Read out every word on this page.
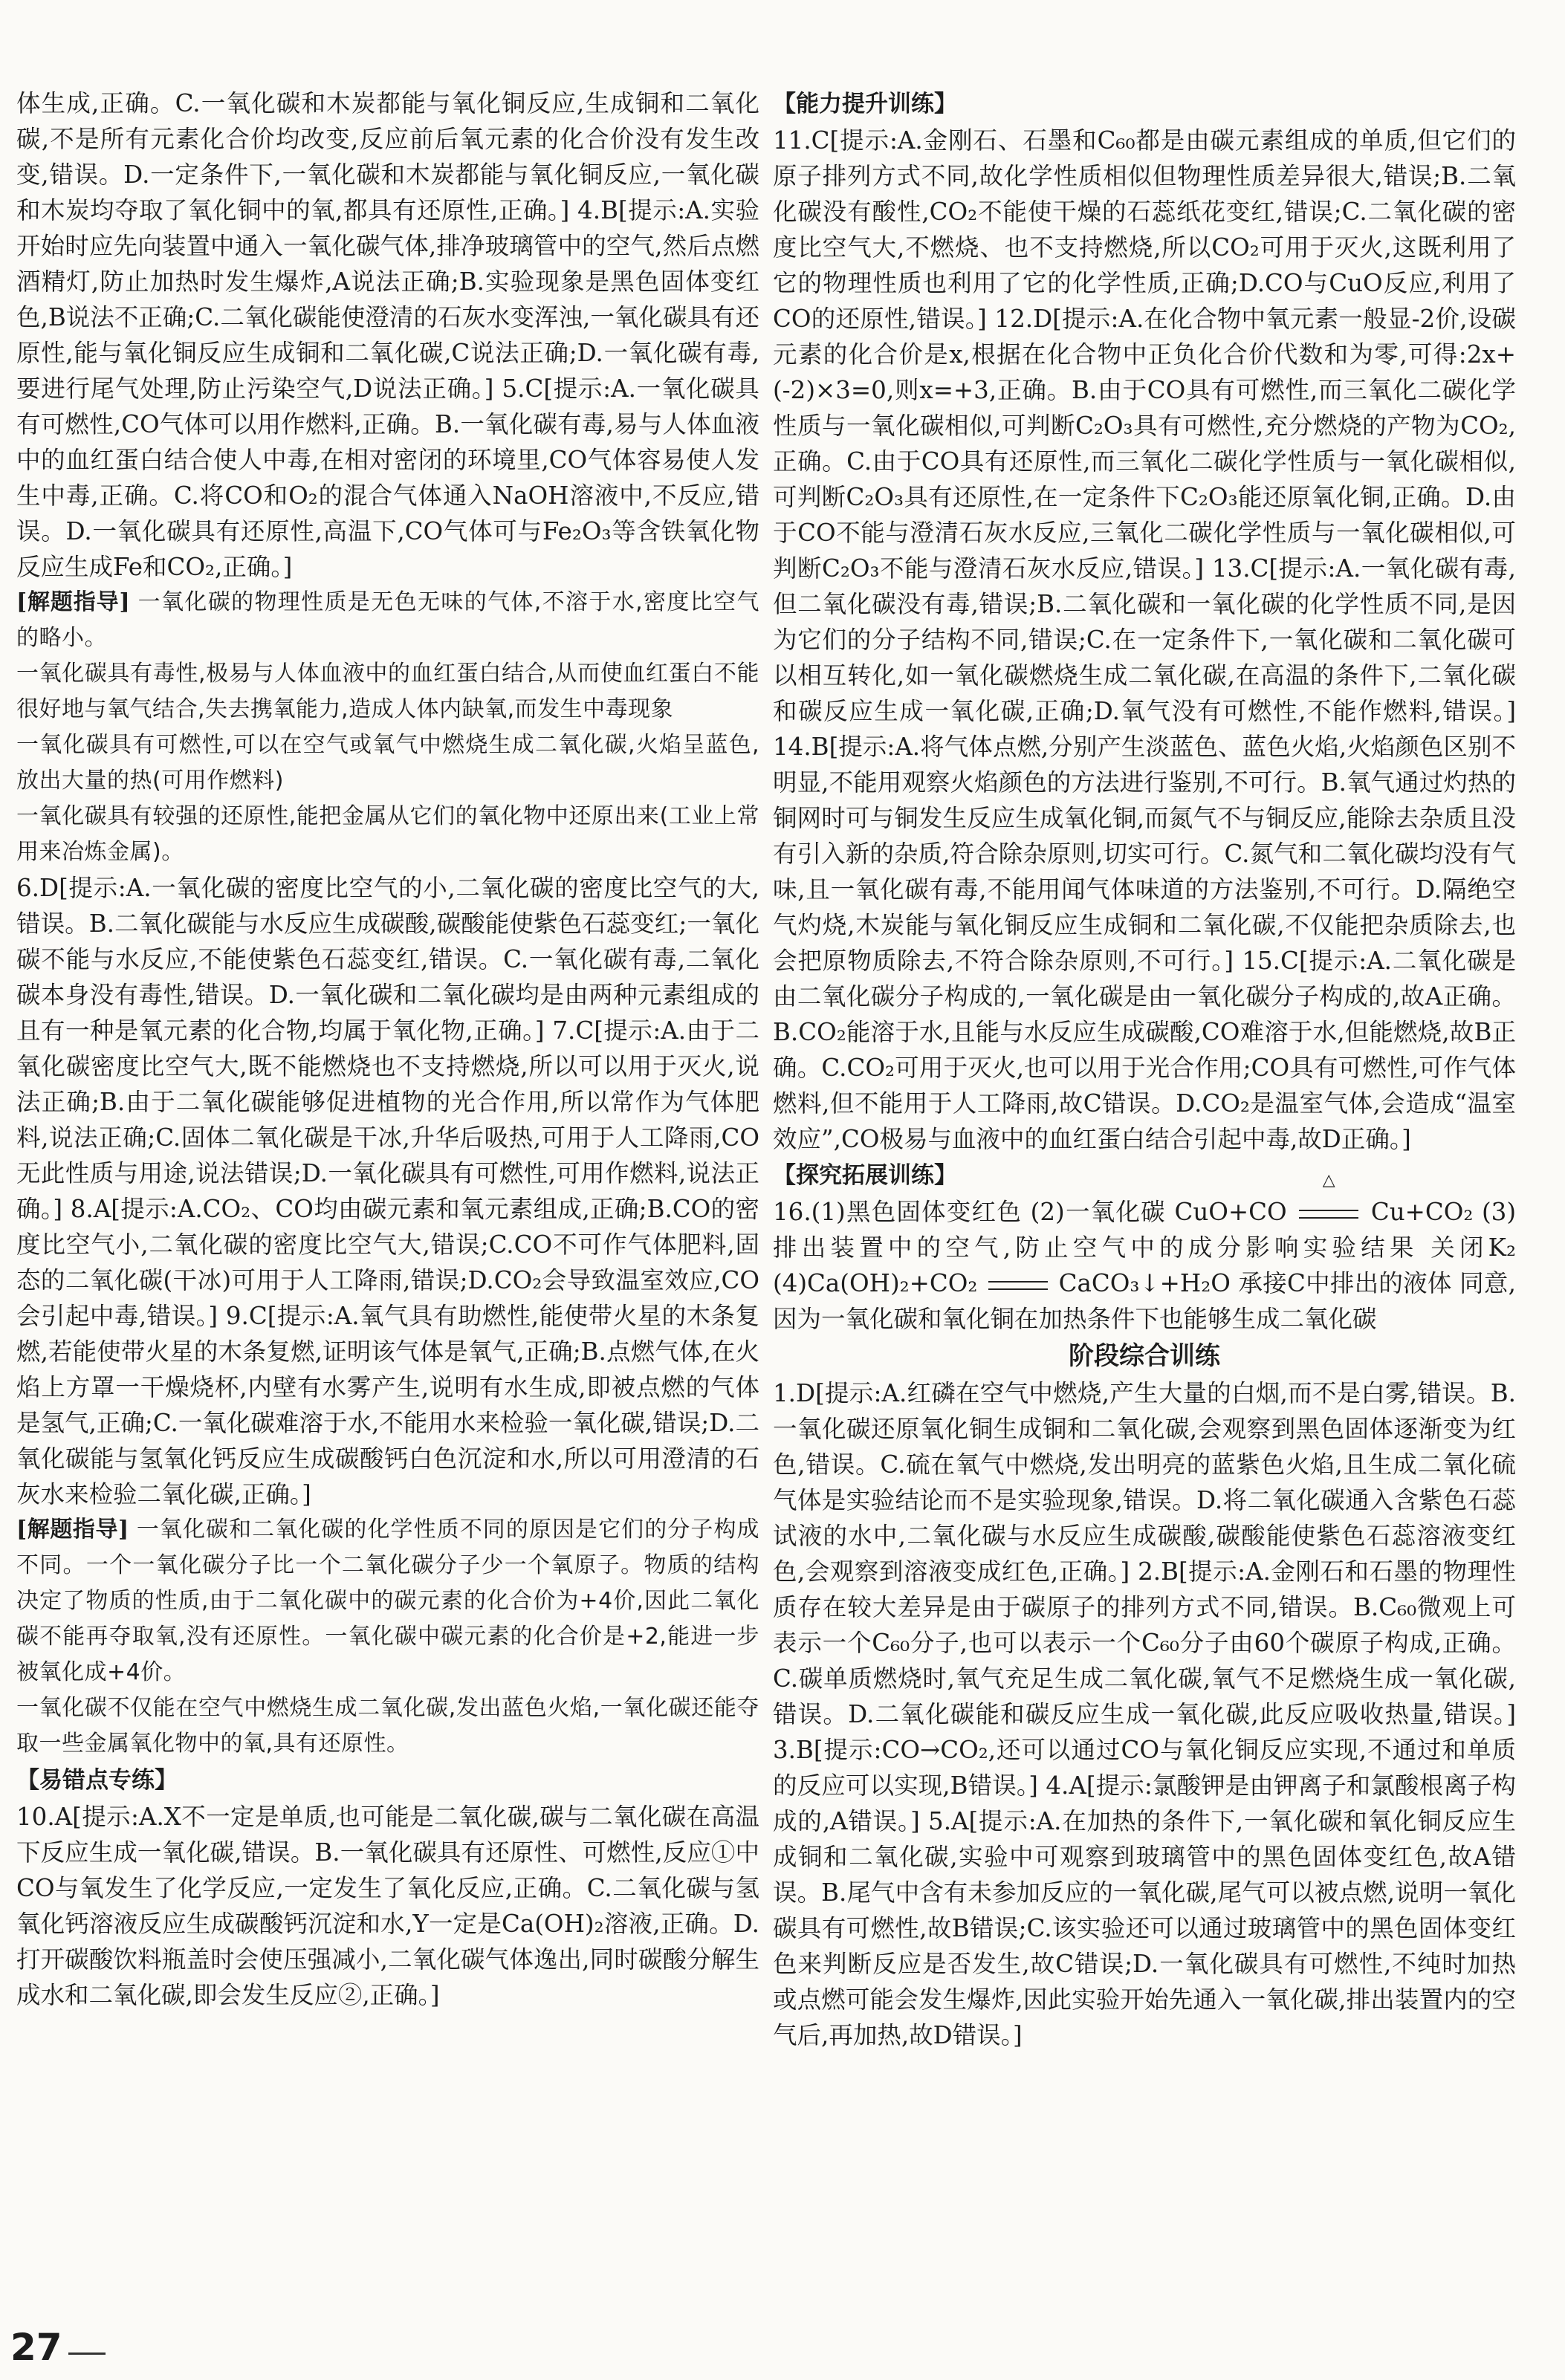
体生成,正确。C.一氧化碳和木炭都能与氧化铜反应,生成铜和二氧化碳,不是所有元素化合价均改变,反应前后氧元素的化合价没有发生改变,错误。D.一定条件下,一氧化碳和木炭都能与氧化铜反应,一氧化碳和木炭均夺取了氧化铜中的氧,都具有还原性,正确。] 4.B[提示:A.实验开始时应先向装置中通入一氧化碳气体,排净玻璃管中的空气,然后点燃酒精灯,防止加热时发生爆炸,A说法正确;B.实验现象是黑色固体变红色,B说法不正确;C.二氧化碳能使澄清的石灰水变浑浊,一氧化碳具有还原性,能与氧化铜反应生成铜和二氧化碳,C说法正确;D.一氧化碳有毒,要进行尾气处理,防止污染空气,D说法正确。] 5.C[提示:A.一氧化碳具有可燃性,CO气体可以用作燃料,正确。B.一氧化碳有毒,易与人体血液中的血红蛋白结合使人中毒,在相对密闭的环境里,CO气体容易使人发生中毒,正确。C.将CO和O₂的混合气体通入NaOH溶液中,不反应,错误。D.一氧化碳具有还原性,高温下,CO气体可与Fe₂O₃等含铁氧化物反应生成Fe和CO₂,正确。]

[解题指导] 一氧化碳的物理性质是无色无味的气体,不溶于水,密度比空气的略小。
一氧化碳具有毒性,极易与人体血液中的血红蛋白结合,从而使血红蛋白不能很好地与氧气结合,失去携氧能力,造成人体内缺氧,而发生中毒现象
一氧化碳具有可燃性,可以在空气或氧气中燃烧生成二氧化碳,火焰呈蓝色,放出大量的热(可用作燃料)
一氧化碳具有较强的还原性,能把金属从它们的氧化物中还原出来(工业上常用来冶炼金属)。

6.D[提示:A.一氧化碳的密度比空气的小,二氧化碳的密度比空气的大,错误。B.二氧化碳能与水反应生成碳酸,碳酸能使紫色石蕊变红;一氧化碳不能与水反应,不能使紫色石蕊变红,错误。C.一氧化碳有毒,二氧化碳本身没有毒性,错误。D.一氧化碳和二氧化碳均是由两种元素组成的且有一种是氧元素的化合物,均属于氧化物,正确。] 7.C[提示:A.由于二氧化碳密度比空气大,既不能燃烧也不支持燃烧,所以可以用于灭火,说法正确;B.由于二氧化碳能够促进植物的光合作用,所以常作为气体肥料,说法正确;C.固体二氧化碳是干冰,升华后吸热,可用于人工降雨,CO无此性质与用途,说法错误;D.一氧化碳具有可燃性,可用作燃料,说法正确。] 8.A[提示:A.CO₂、CO均由碳元素和氧元素组成,正确;B.CO的密度比空气小,二氧化碳的密度比空气大,错误;C.CO不可作气体肥料,固态的二氧化碳(干冰)可用于人工降雨,错误;D.CO₂会导致温室效应,CO会引起中毒,错误。] 9.C[提示:A.氧气具有助燃性,能使带火星的木条复燃,若能使带火星的木条复燃,证明该气体是氧气,正确;B.点燃气体,在火焰上方罩一干燥烧杯,内壁有水雾产生,说明有水生成,即被点燃的气体是氢气,正确;C.一氧化碳难溶于水,不能用水来检验一氧化碳,错误;D.二氧化碳能与氢氧化钙反应生成碳酸钙白色沉淀和水,所以可用澄清的石灰水来检验二氧化碳,正确。]

[解题指导] 一氧化碳和二氧化碳的化学性质不同的原因是它们的分子构成不同。一个一氧化碳分子比一个二氧化碳分子少一个氧原子。物质的结构决定了物质的性质,由于二氧化碳中的碳元素的化合价为+4价,因此二氧化碳不能再夺取氧,没有还原性。一氧化碳中碳元素的化合价是+2,能进一步被氧化成+4价。
一氧化碳不仅能在空气中燃烧生成二氧化碳,发出蓝色火焰,一氧化碳还能夺取一些金属氧化物中的氧,具有还原性。
【易错点专练】

10.A[提示:A.X不一定是单质,也可能是二氧化碳,碳与二氧化碳在高温下反应生成一氧化碳,错误。B.一氧化碳具有还原性、可燃性,反应①中CO与氧发生了化学反应,一定发生了氧化反应,正确。C.二氧化碳与氢氧化钙溶液反应生成碳酸钙沉淀和水,Y一定是Ca(OH)₂溶液,正确。D.打开碳酸饮料瓶盖时会使压强减小,二氧化碳气体逸出,同时碳酸分解生成水和二氧化碳,即会发生反应②,正确。]

【能力提升训练】

11.C[提示:A.金刚石、石墨和C₆₀都是由碳元素组成的单质,但它们的原子排列方式不同,故化学性质相似但物理性质差异很大,错误;B.二氧化碳没有酸性,CO₂不能使干燥的石蕊纸花变红,错误;C.二氧化碳的密度比空气大,不燃烧、也不支持燃烧,所以CO₂可用于灭火,这既利用了它的物理性质也利用了它的化学性质,正确;D.CO与CuO反应,利用了CO的还原性,错误。] 12.D[提示:A.在化合物中氧元素一般显-2价,设碳元素的化合价是x,根据在化合物中正负化合价代数和为零,可得:2x+(-2)×3=0,则x=+3,正确。B.由于CO具有可燃性,而三氧化二碳化学性质与一氧化碳相似,可判断C₂O₃具有可燃性,充分燃烧的产物为CO₂,正确。C.由于CO具有还原性,而三氧化二碳化学性质与一氧化碳相似,可判断C₂O₃具有还原性,在一定条件下C₂O₃能还原氧化铜,正确。D.由于CO不能与澄清石灰水反应,三氧化二碳化学性质与一氧化碳相似,可判断C₂O₃不能与澄清石灰水反应,错误。] 13.C[提示:A.一氧化碳有毒,但二氧化碳没有毒,错误;B.二氧化碳和一氧化碳的化学性质不同,是因为它们的分子结构不同,错误;C.在一定条件下,一氧化碳和二氧化碳可以相互转化,如一氧化碳燃烧生成二氧化碳,在高温的条件下,二氧化碳和碳反应生成一氧化碳,正确;D.氧气没有可燃性,不能作燃料,错误。] 14.B[提示:A.将气体点燃,分别产生淡蓝色、蓝色火焰,火焰颜色区别不明显,不能用观察火焰颜色的方法进行鉴别,不可行。B.氧气通过灼热的铜网时可与铜发生反应生成氧化铜,而氮气不与铜反应,能除去杂质且没有引入新的杂质,符合除杂原则,切实可行。C.氮气和二氧化碳均没有气味,且一氧化碳有毒,不能用闻气体味道的方法鉴别,不可行。D.隔绝空气灼烧,木炭能与氧化铜反应生成铜和二氧化碳,不仅能把杂质除去,也会把原物质除去,不符合除杂原则,不可行。] 15.C[提示:A.二氧化碳是由二氧化碳分子构成的,一氧化碳是由一氧化碳分子构成的,故A正确。B.CO₂能溶于水,且能与水反应生成碳酸,CO难溶于水,但能燃烧,故B正确。C.CO₂可用于灭火,也可以用于光合作用;CO具有可燃性,可作气体燃料,但不能用于人工降雨,故C错误。D.CO₂是温室气体,会造成“温室效应”,CO极易与血液中的血红蛋白结合引起中毒,故D正确。]

【探究拓展训练】

16.(1)黑色固体变红色 (2)一氧化碳 CuO+CO
△
Cu+CO₂ (3)排出装置中的空气,防止空气中的成分影响实验结果 关闭K₂ (4)Ca(OH)₂+CO₂	CaCO₃↓+H₂O 承接C中排出的液体 同意,因为一氧化碳和氧化铜在加热条件下也能够生成二氧化碳

阶段综合训练

1.D[提示:A.红磷在空气中燃烧,产生大量的白烟,而不是白雾,错误。B.一氧化碳还原氧化铜生成铜和二氧化碳,会观察到黑色固体逐渐变为红色,错误。C.硫在氧气中燃烧,发出明亮的蓝紫色火焰,且生成二氧化硫气体是实验结论而不是实验现象,错误。D.将二氧化碳通入含紫色石蕊试液的水中,二氧化碳与水反应生成碳酸,碳酸能使紫色石蕊溶液变红色,会观察到溶液变成红色,正确。] 2.B[提示:A.金刚石和石墨的物理性质存在较大差异是由于碳原子的排列方式不同,错误。B.C₆₀微观上可表示一个C₆₀分子,也可以表示一个C₆₀分子由60个碳原子构成,正确。C.碳单质燃烧时,氧气充足生成二氧化碳,氧气不足燃烧生成一氧化碳,错误。D.二氧化碳能和碳反应生成一氧化碳,此反应吸收热量,错误。] 3.B[提示:CO→CO₂,还可以通过CO与氧化铜反应实现,不通过和单质的反应可以实现,B错误。] 4.A[提示:氯酸钾是由钾离子和氯酸根离子构成的,A错误。] 5.A[提示:A.在加热的条件下,一氧化碳和氧化铜反应生成铜和二氧化碳,实验中可观察到玻璃管中的黑色固体变红色,故A错误。B.尾气中含有未参加反应的一氧化碳,尾气可以被点燃,说明一氧化碳具有可燃性,故B错误;C.该实验还可以通过玻璃管中的黑色固体变红色来判断反应是否发生,故C错误;D.一氧化碳具有可燃性,不纯时加热或点燃可能会发生爆炸,因此实验开始先通入一氧化碳,排出装置内的空气后,再加热,故D错误。]

27
